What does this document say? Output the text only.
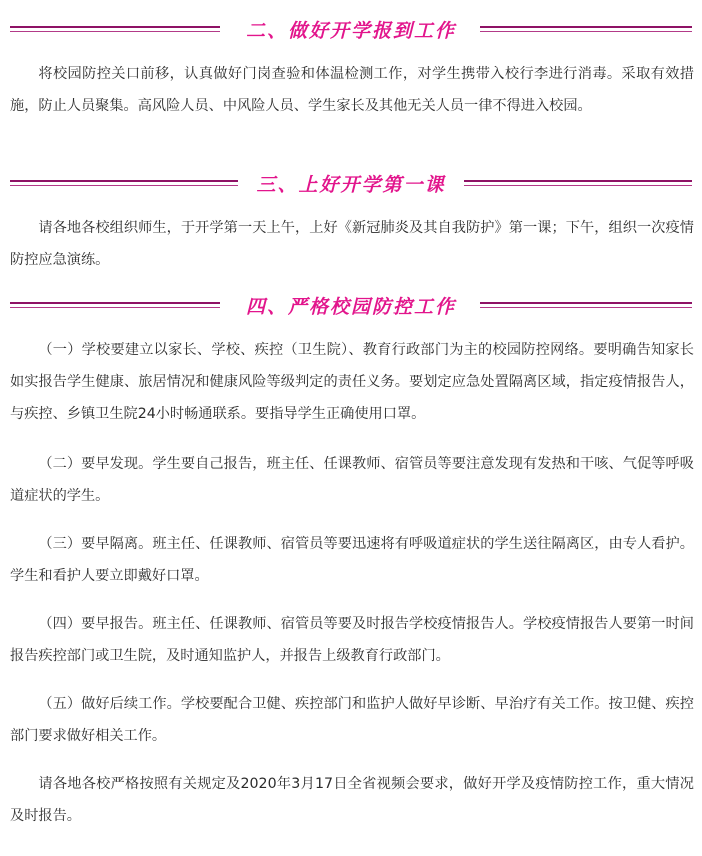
二、做好开学报到工作

将校园防控关口前移，认真做好门岗查验和体温检测工作，对学生携带入校行李进行消毒。采取有效措施，防止人员聚集。高风险人员、中风险人员、学生家长及其他无关人员一律不得进入校园。

三、上好开学第一课

请各地各校组织师生，于开学第一天上午，上好《新冠肺炎及其自我防护》第一课；下午，组织一次疫情防控应急演练。

四、严格校园防控工作

（一）学校要建立以家长、学校、疾控（卫生院）、教育行政部门为主的校园防控网络。要明确告知家长如实报告学生健康、旅居情况和健康风险等级判定的责任义务。要划定应急处置隔离区域，指定疫情报告人，与疾控、乡镇卫生院24小时畅通联系。要指导学生正确使用口罩。

（二）要早发现。学生要自己报告，班主任、任课教师、宿管员等要注意发现有发热和干咳、气促等呼吸道症状的学生。

（三）要早隔离。班主任、任课教师、宿管员等要迅速将有呼吸道症状的学生送往隔离区，由专人看护。学生和看护人要立即戴好口罩。

（四）要早报告。班主任、任课教师、宿管员等要及时报告学校疫情报告人。学校疫情报告人要第一时间报告疾控部门或卫生院，及时通知监护人，并报告上级教育行政部门。

（五）做好后续工作。学校要配合卫健、疾控部门和监护人做好早诊断、早治疗有关工作。按卫健、疾控部门要求做好相关工作。

请各地各校严格按照有关规定及2020年3月17日全省视频会要求，做好开学及疫情防控工作，重大情况及时报告。
